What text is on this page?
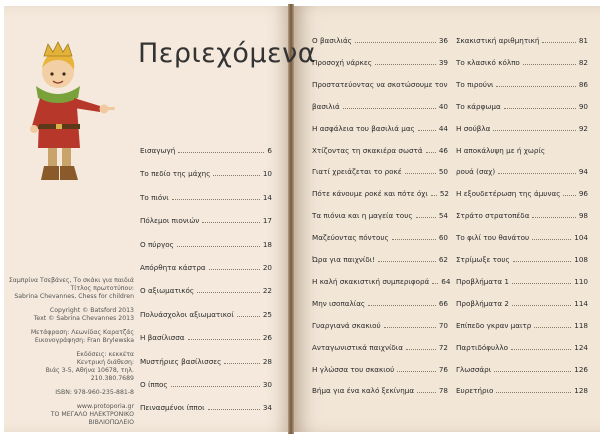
Περιεχόμενα
Εισαγωγή	6
Το πεδίο της μάχης	10
Το πιόνι	14
Πόλεμοι πιονιών	17
Ο πύργος	18
Απόρθητα κάστρα	20
Ο αξιωματικός	22
Πολυάσχολοι αξιωματικοί	25
Η βασίλισσα	26
Μυστήριες βασίλισσες	28
Ο ίππος	30
Πεινασμένοι ίπποι	34
Ο βασιλιάς	36
Προσοχή νάρκες	39
Προστατεύοντας να σκοτώσουμε τον
βασιλιά	40
Η ασφάλεια του βασιλιά μας	44
Χτίζοντας τη σκακιέρα σωστά 46
Γιατί χρειάζεται το ροκέ	50
Πότε κάνουμε ροκέ και πότε όχι 52
Τα πιόνια και η μαγεία τους	54
Μαζεύοντας πόντους	60
Ώρα για παιχνίδι!	62
Η καλή σκακιστική συμπεριφορά 64
Μην ισοπαλίας	66
Γυαργιανά σκακιού	70
Ανταγωνιστικά παιχνίδια	72
Η γλώσσα του σκακιού	76
Βήμα για ένα καλό ξεκίνημα	78
Σκακιστική αριθμητική	81
Το κλασικό κόλπο	82
Το πιρούνι	86
Το κάρφωμα	90
Η σούβλα	92
Η αποκάλυψη με ή χωρίς
ρουά (σαχ)	94
Η εξουδετέρωση της άμυνας	96
Στράτο στρατοπέδα	98
Το φιλί του θανάτου	104
Στρίμωξε τους	108
Προβλήματα 1	110
Προβλήματα 2	114
Επίπεδο γκραν μαιτρ	118
Παρτιδόφυλλο	124
Γλωσσάρι	126
Ευρετήριο	128
Σαμπρίνα Τσεβάνες, Το σκάκι για παιδιά
Τίτλος πρωτοτύπου:
Sabrina Chevannes, Chess for children
Copyright © Batsford 2013
Text © Sabrina Chevannes 2013
Μετάφραση: Λεωνίδας Καρατζάς
Εικονογράφηση: Fran Brylewska
Εκδόσεις: κεκκέτα
Κεντρική διάθεση:
Βιάς 3-5, Αθήνα 10678, τηλ. 210.380.7689
ISBN: 978-960-235-881-8
www.protoporia.gr
ΤΟ ΜΕΓΑΛΟ ΗΛΕΚΤΡΟΝΙΚΟ ΒΙΒΛΙΟΠΩΛΕΙΟ
